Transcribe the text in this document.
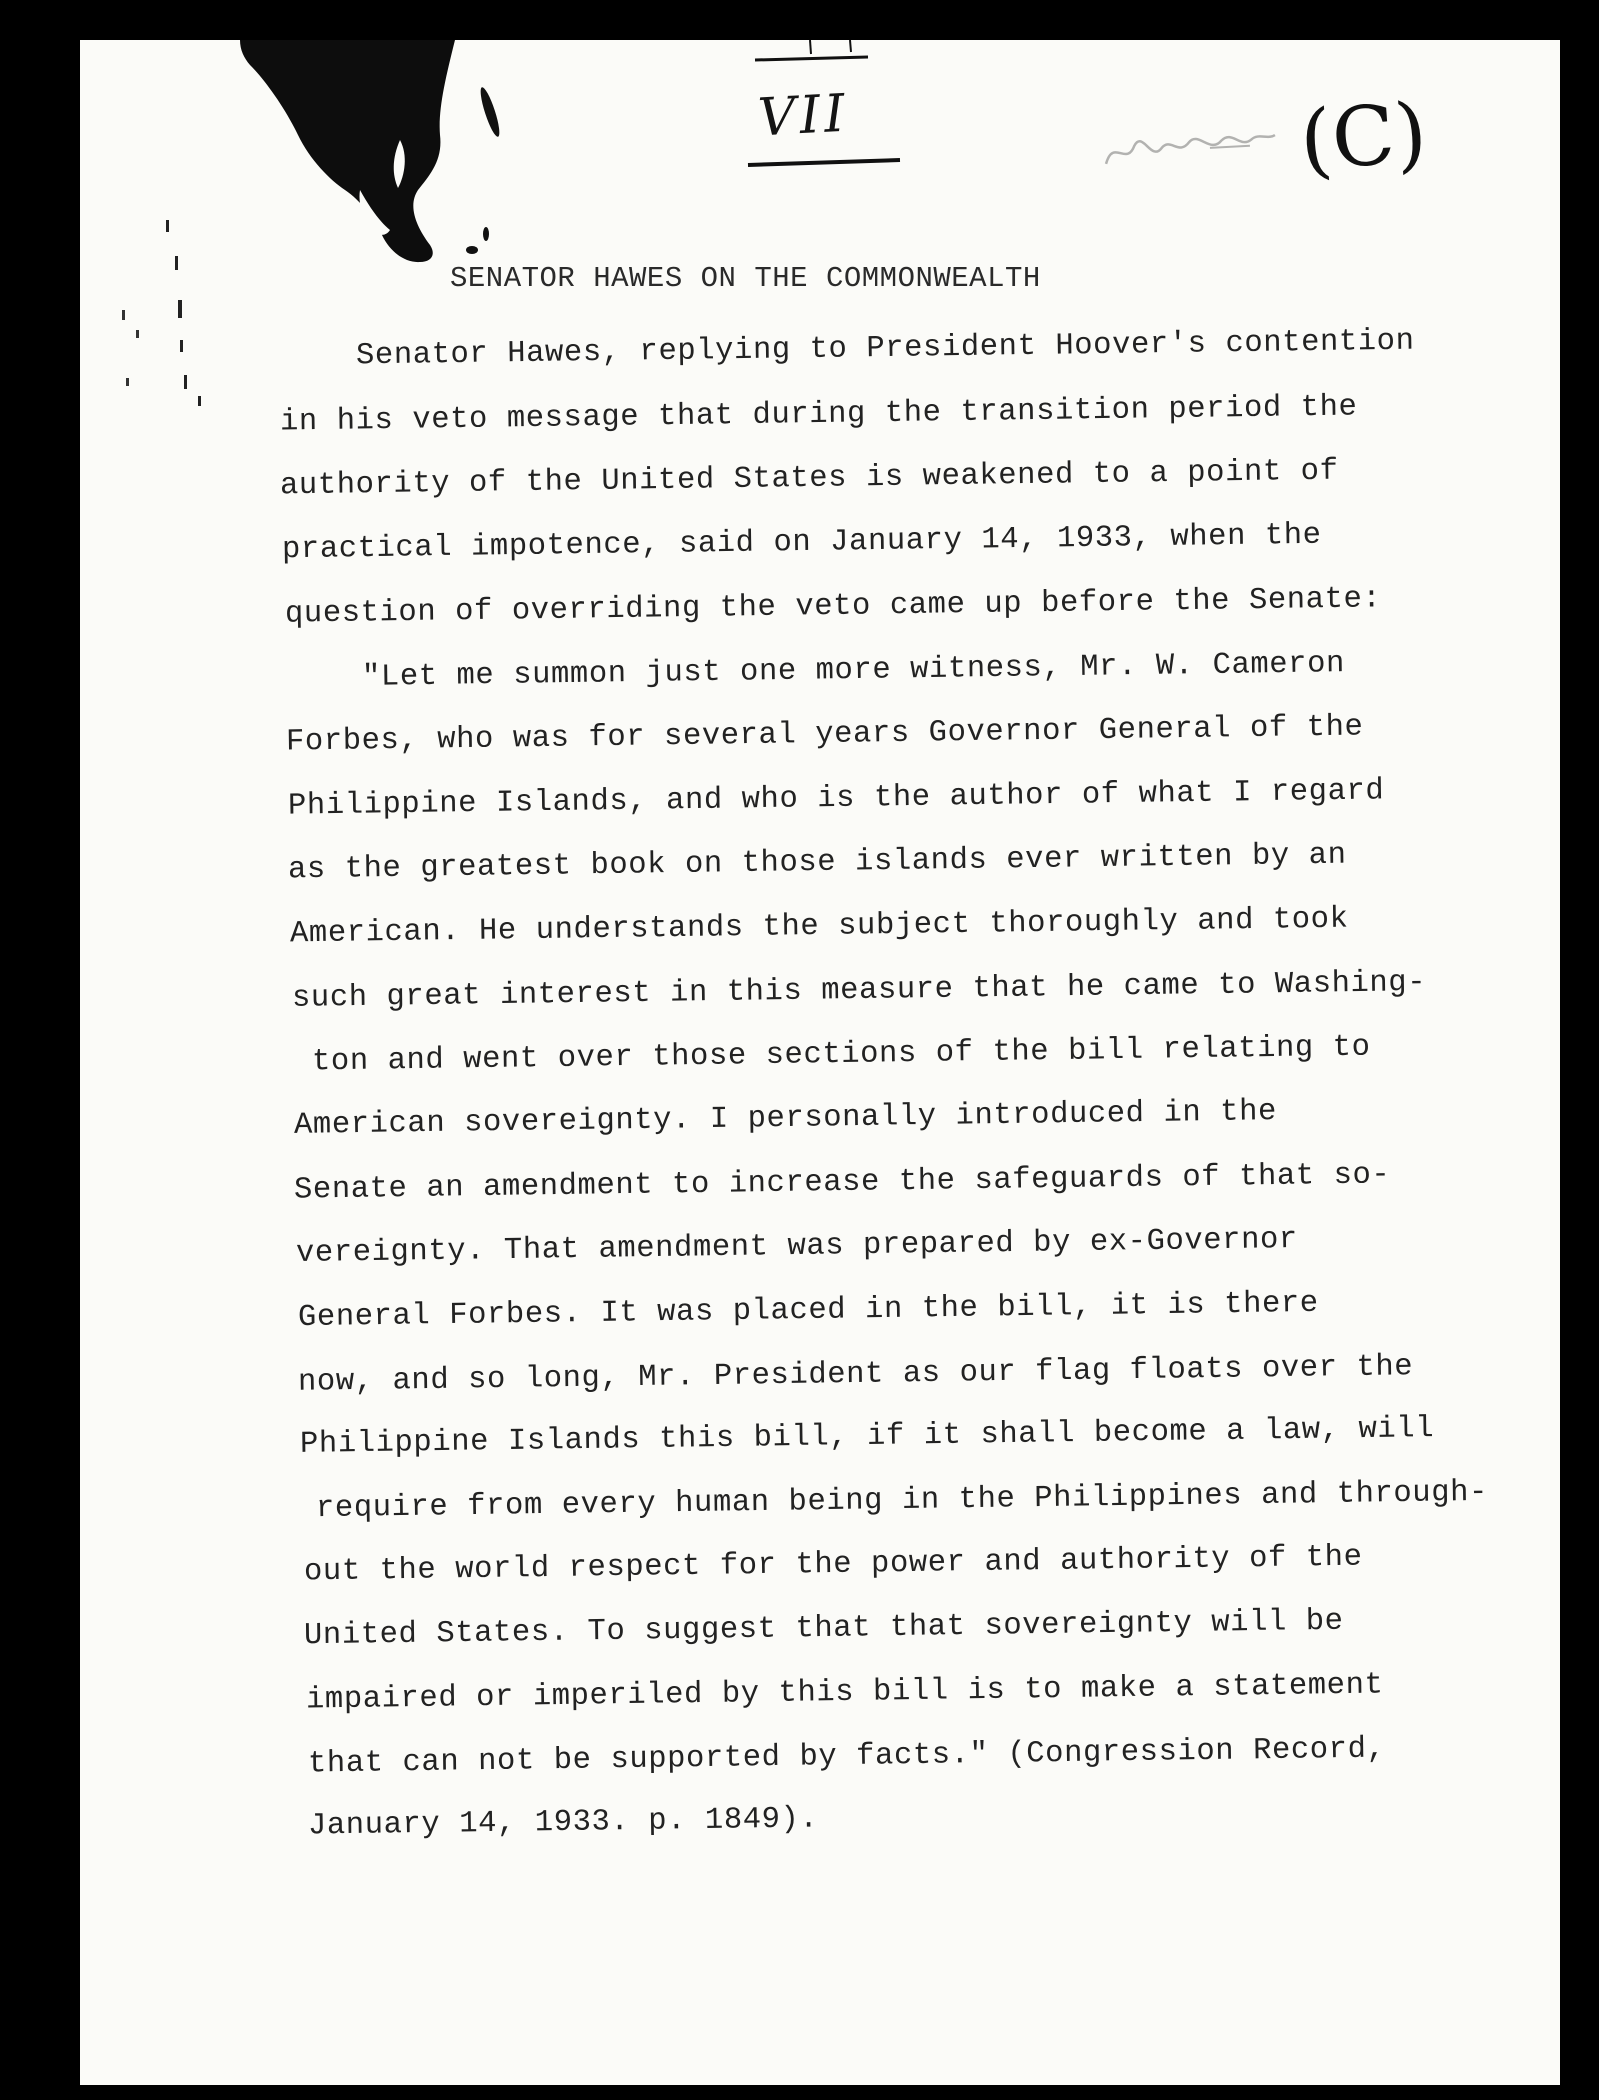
VII	(C)
SENATOR HAWES ON THE COMMONWEALTH
Senator Hawes, replying to President Hoover's contention
in his veto message that during the transition period the
authority of the United States is weakened to a point of
practical impotence, said on January 14, 1933, when the
question of overriding the veto came up before the Senate:
"Let me summon just one more witness, Mr. W. Cameron
Forbes, who was for several years Governor General of the
Philippine Islands, and who is the author of what I regard
as the greatest book on those islands ever written by an
American. He understands the subject thoroughly and took
such great interest in this measure that he came to Washing-
ton and went over those sections of the bill relating to
American sovereignty. I personally introduced in the
Senate an amendment to increase the safeguards of that so-
vereignty. That amendment was prepared by ex-Governor
General Forbes. It was placed in the bill, it is there
now, and so long, Mr. President as our flag floats over the
Philippine Islands this bill, if it shall become a law, will
require from every human being in the Philippines and through-
out the world respect for the power and authority of the
United States. To suggest that that sovereignty will be
impaired or imperiled by this bill is to make a statement
that can not be supported by facts." (Congression Record,
January 14, 1933. p. 1849).
